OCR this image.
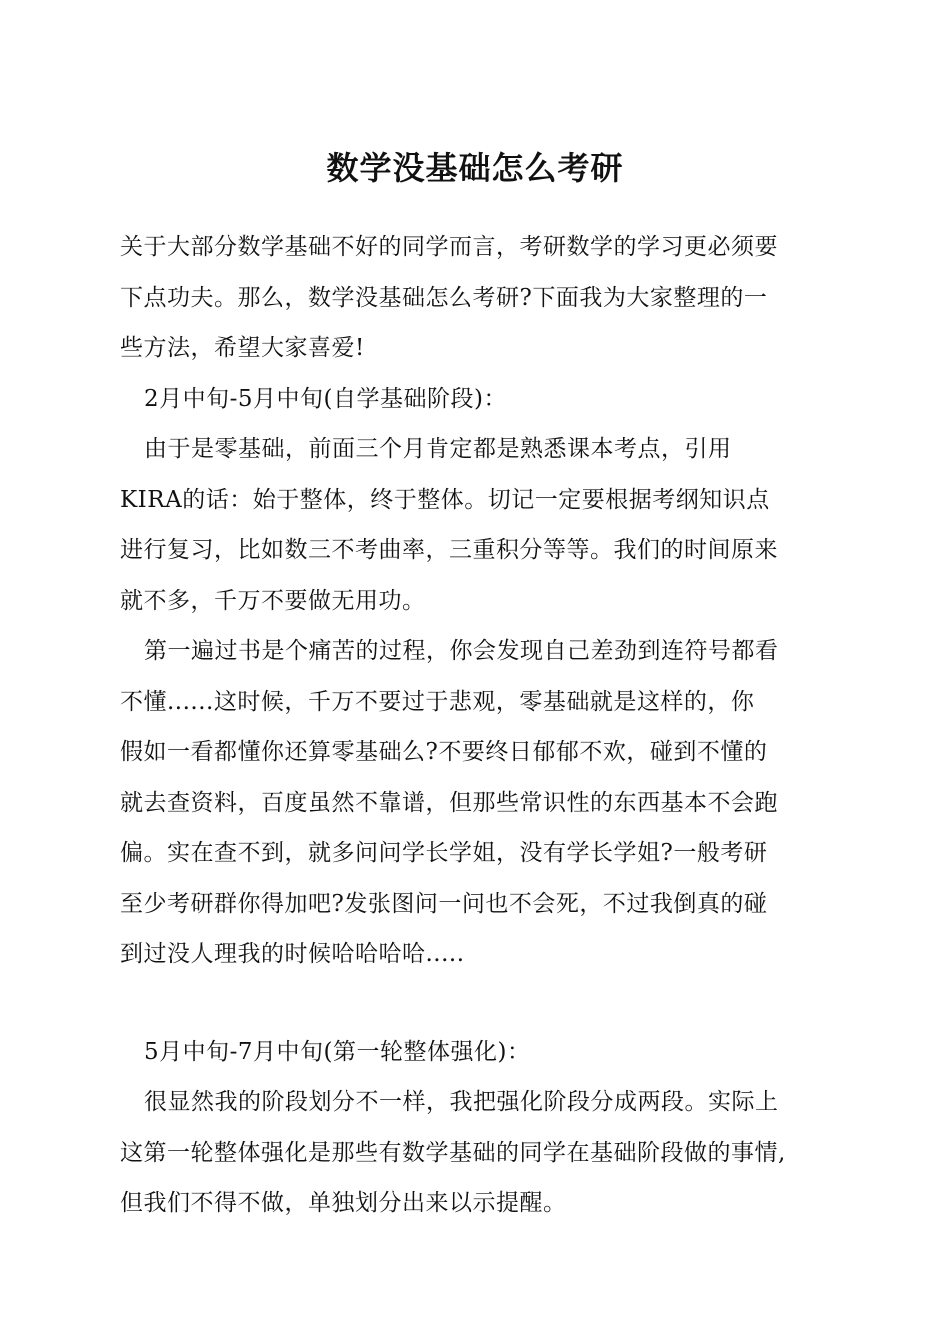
数学没基础怎么考研
关于大部分数学基础不好的同学而言，考研数学的学习更必须要
下点功夫。那么，数学没基础怎么考研?下面我为大家整理的一
些方法，希望大家喜爱!
2月中旬-5月中旬(自学基础阶段)：
由于是零基础，前面三个月肯定都是熟悉课本考点，引用
KIRA的话：始于整体，终于整体。切记一定要根据考纲知识点
进行复习，比如数三不考曲率，三重积分等等。我们的时间原来
就不多，千万不要做无用功。
第一遍过书是个痛苦的过程，你会发现自己差劲到连符号都看
不懂......这时候，千万不要过于悲观，零基础就是这样的，你
假如一看都懂你还算零基础么?不要终日郁郁不欢，碰到不懂的
就去查资料，百度虽然不靠谱，但那些常识性的东西基本不会跑
偏。实在查不到，就多问问学长学姐，没有学长学姐?一般考研
至少考研群你得加吧?发张图问一问也不会死，不过我倒真的碰
到过没人理我的时候哈哈哈哈.....
5月中旬-7月中旬(第一轮整体强化)：
很显然我的阶段划分不一样，我把强化阶段分成两段。实际上
这第一轮整体强化是那些有数学基础的同学在基础阶段做的事情,
但我们不得不做，单独划分出来以示提醒。
